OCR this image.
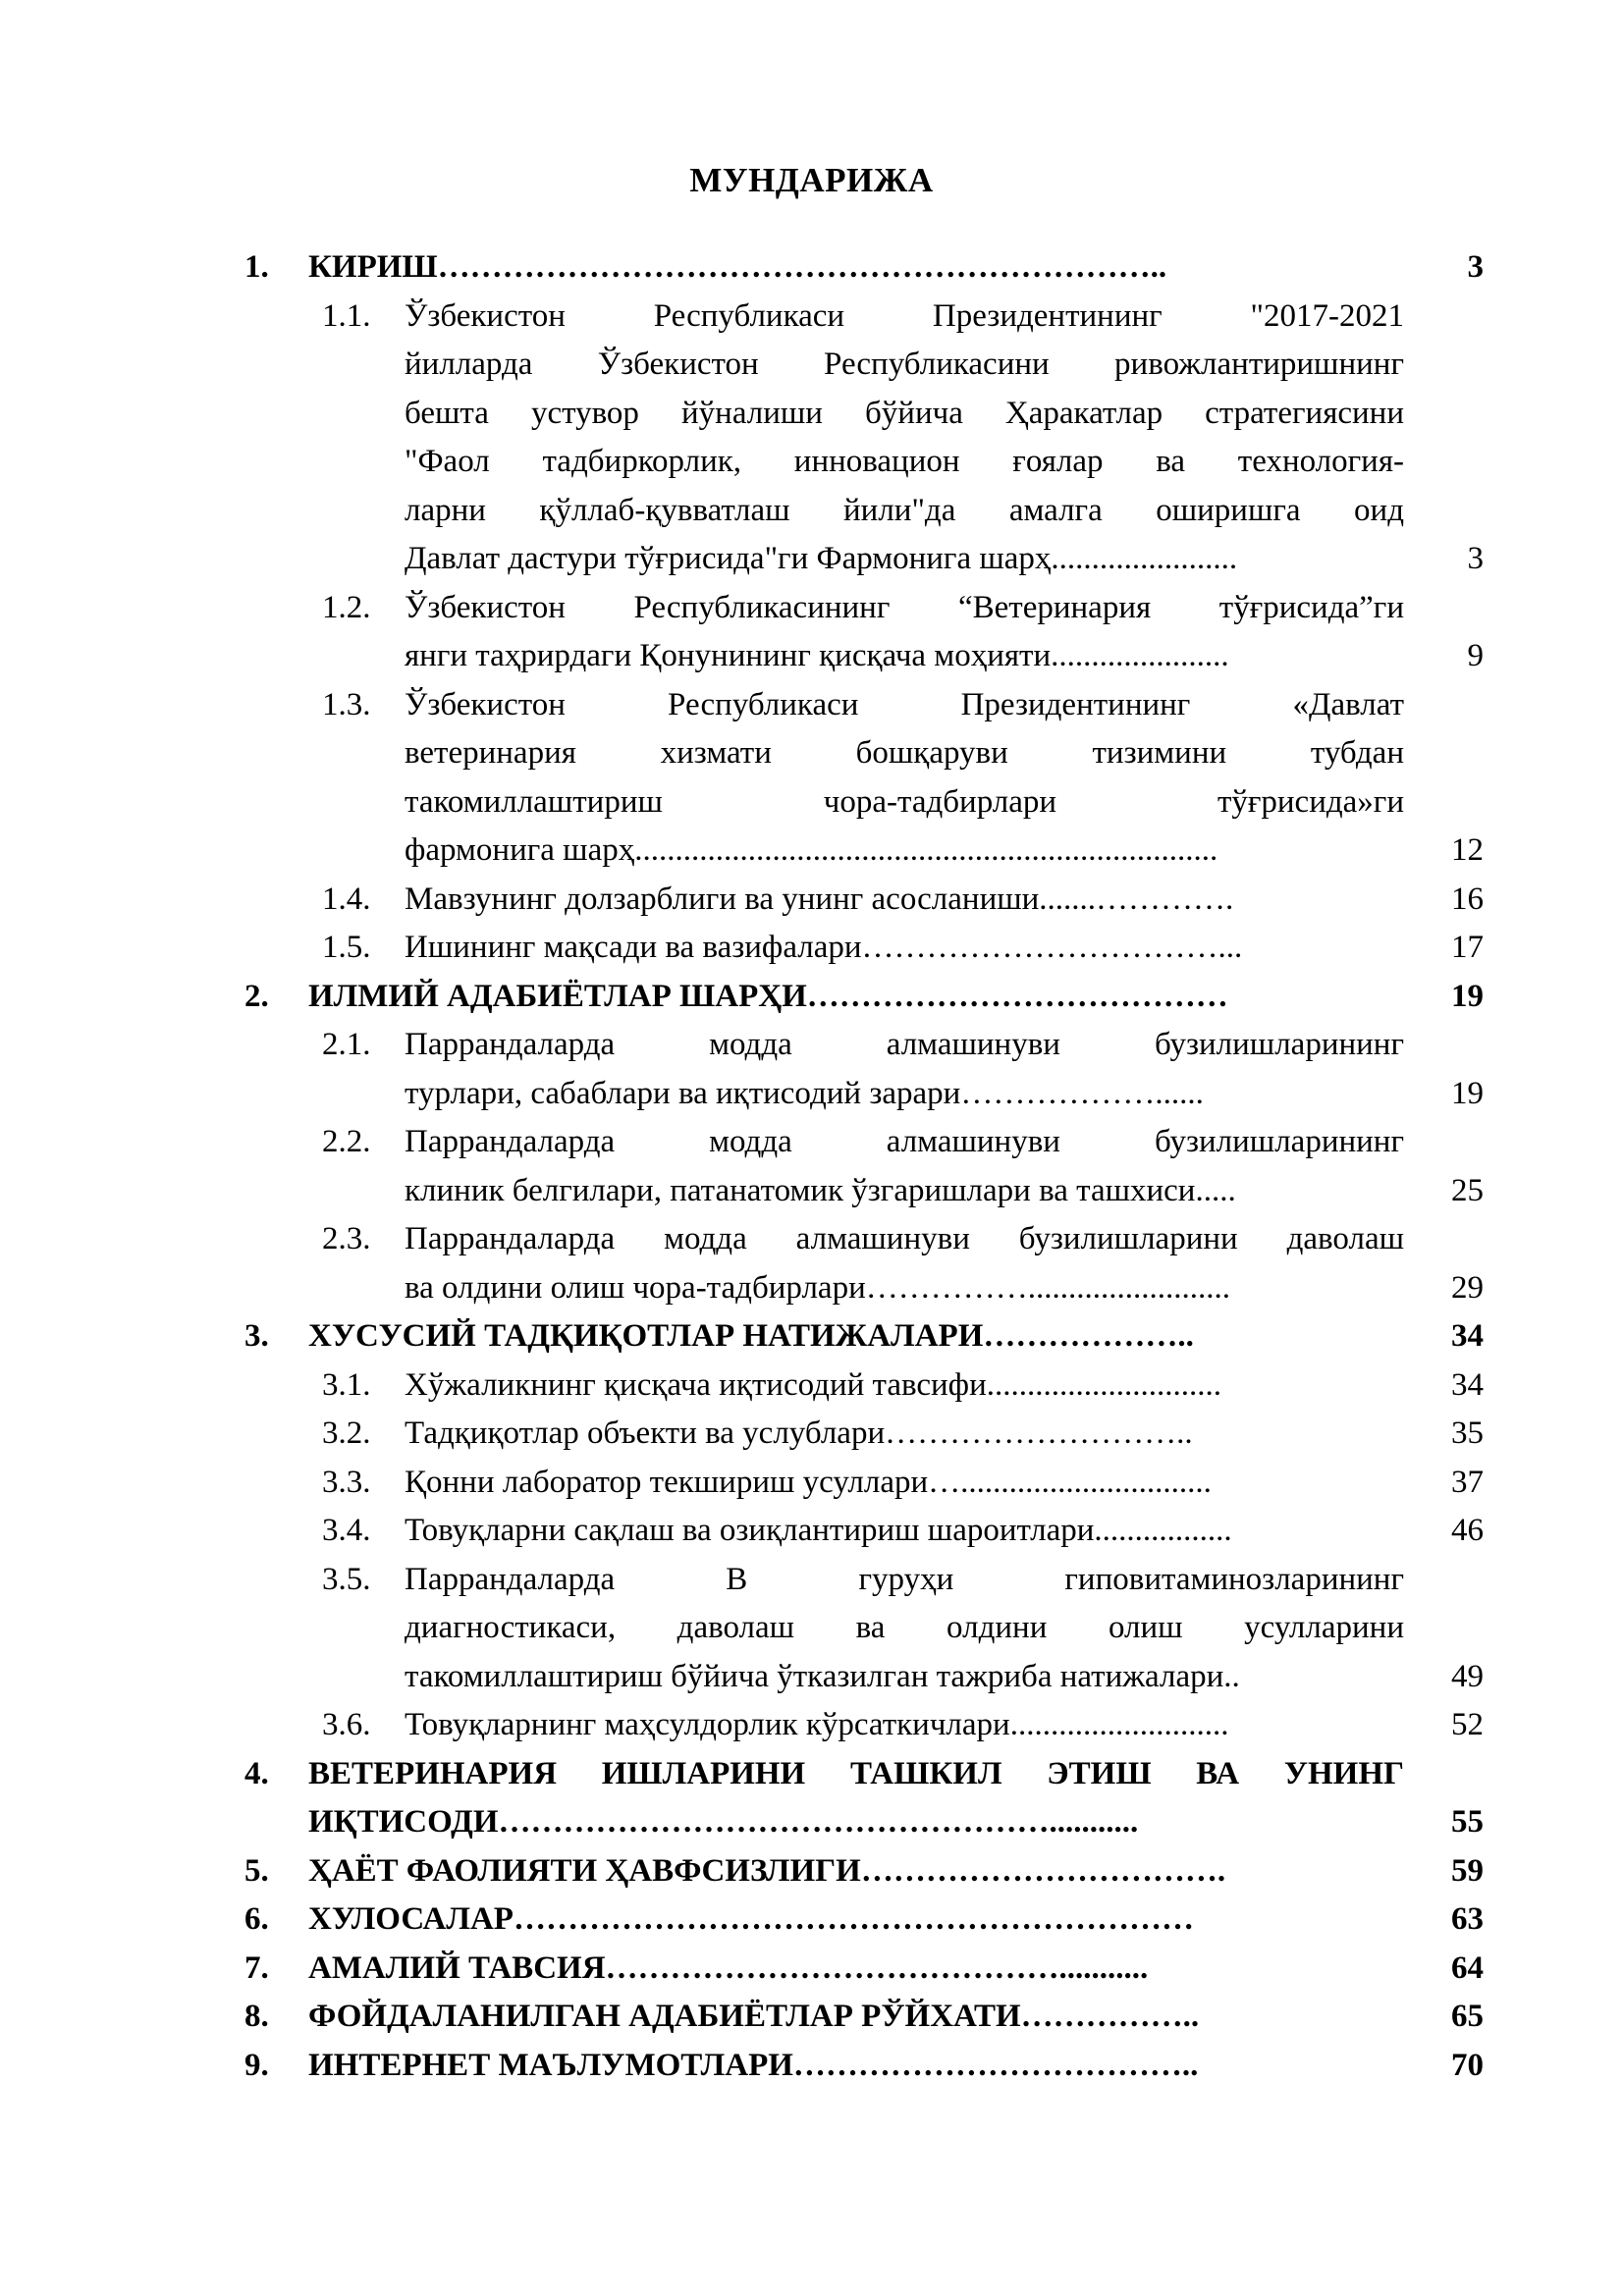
МУНДАРИЖА
1. КИРИШ…………………………………………………………..	3
1.1. Ўзбекистон Республикаси Президентининг "2017-2021
йилларда Ўзбекистон Республикасини ривожлантиришнинг
бешта устувор йўналиши бўйича Ҳаракатлар стратегиясини
"Фаол тадбиркорлик, инновацион ғоялар ва технология-
ларни қўллаб-қувватлаш йили"да амалга оширишга оид
Давлат дастури тўғрисида"ги Фармонига шарҳ.......................	3
1.2. Ўзбекистон Республикасининг “Ветеринария тўғрисида”ги
янги таҳрирдаги Қонунининг қисқача моҳияти......................	9
1.3. Ўзбекистон Республикаси Президентининг «Давлат
ветеринария хизмати бошқаруви тизимини тубдан
такомиллаштириш чора-тадбирлари тўғрисида»ги
фармонига шарҳ........................................................................	12
1.4. Мавзунинг долзарблиги ва унинг асосланиши.......………….	16
1.5. Ишининг мақсади ва вазифалари……………………………...	17
2. ИЛМИЙ АДАБИЁТЛАР ШАРҲИ…………………………………	19
2.1. Паррандаларда модда алмашинуви бузилишларининг
турлари, сабаблари ва иқтисодий зарари………………......	19
2.2. Паррандаларда модда алмашинуви бузилишларининг
клиник белгилари, патанатомик ўзгаришлари ва ташхиси.....	25
2.3. Паррандаларда модда алмашинуви бузилишларини даволаш
ва олдини олиш чора-тадбирлари…………….........................	29
3. ХУСУСИЙ ТАДҚИҚОТЛАР НАТИЖАЛАРИ………………..	34
3.1. Хўжаликнинг қисқача иқтисодий тавсифи.............................	34
3.2. Тадқиқотлар объекти ва услублари………………………..	35
3.3. Қонни лаборатор текшириш усуллари…...............................	37
3.4. Товуқларни сақлаш ва озиқлантириш шароитлари.................	46
3.5. Паррандаларда В гуруҳи гиповитаминозларининг
диагностикаси, даволаш ва олдини олиш усулларини
такомиллаштириш бўйича ўтказилган тажриба натижалари..	49
3.6. Товуқларнинг маҳсулдорлик кўрсаткичлари...........................	52
4. ВЕТЕРИНАРИЯ ИШЛАРИНИ ТАШКИЛ ЭТИШ ВА УНИНГ
ИҚТИСОДИ……………………………………………...........	55
5. ҲАЁТ ФАОЛИЯТИ ҲАВФСИЗЛИГИ…………………………….	59
6. ХУЛОСАЛАР………………………………………………………	63
7. АМАЛИЙ ТАВСИЯ……………………………………...........	64
8. ФОЙДАЛАНИЛГАН АДАБИЁТЛАР РЎЙХАТИ……………..	65
9. ИНТЕРНЕТ МАЪЛУМОТЛАРИ………………………………..	70
